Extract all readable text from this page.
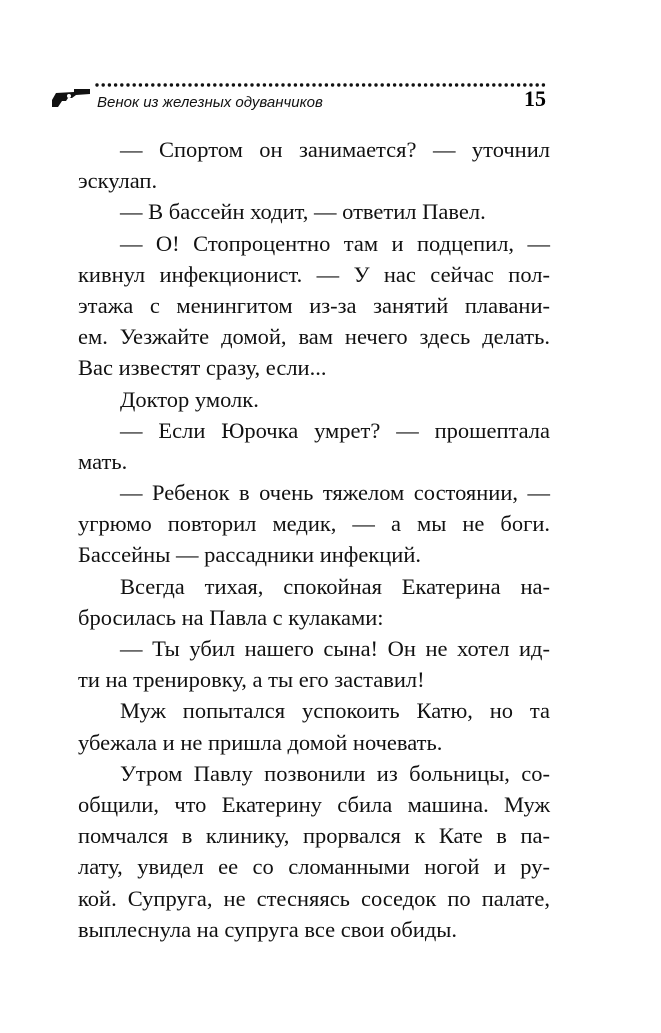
Венок из железных одуванчиков	15
— Спортом он занимается? — уточнил
эскулап.
— В бассейн ходит, — ответил Павел.
— О! Стопроцентно там и подцепил, —
кивнул инфекционист. — У нас сейчас пол-
этажа с менингитом из-за занятий плавани-
ем. Уезжайте домой, вам нечего здесь делать.
Вас известят сразу, если...
Доктор умолк.
— Если Юрочка умрет? — прошептала
мать.
— Ребенок в очень тяжелом состоянии, —
угрюмо повторил медик, — а мы не боги.
Бассейны — рассадники инфекций.
Всегда тихая, спокойная Екатерина на-
бросилась на Павла с кулаками:
— Ты убил нашего сына! Он не хотел ид-
ти на тренировку, а ты его заставил!
Муж попытался успокоить Катю, но та
убежала и не пришла домой ночевать.
Утром Павлу позвонили из больницы, со-
общили, что Екатерину сбила машина. Муж
помчался в клинику, прорвался к Кате в па-
лату, увидел ее со сломанными ногой и ру-
кой. Супруга, не стесняясь соседок по палате,
выплеснула на супруга все свои обиды.
